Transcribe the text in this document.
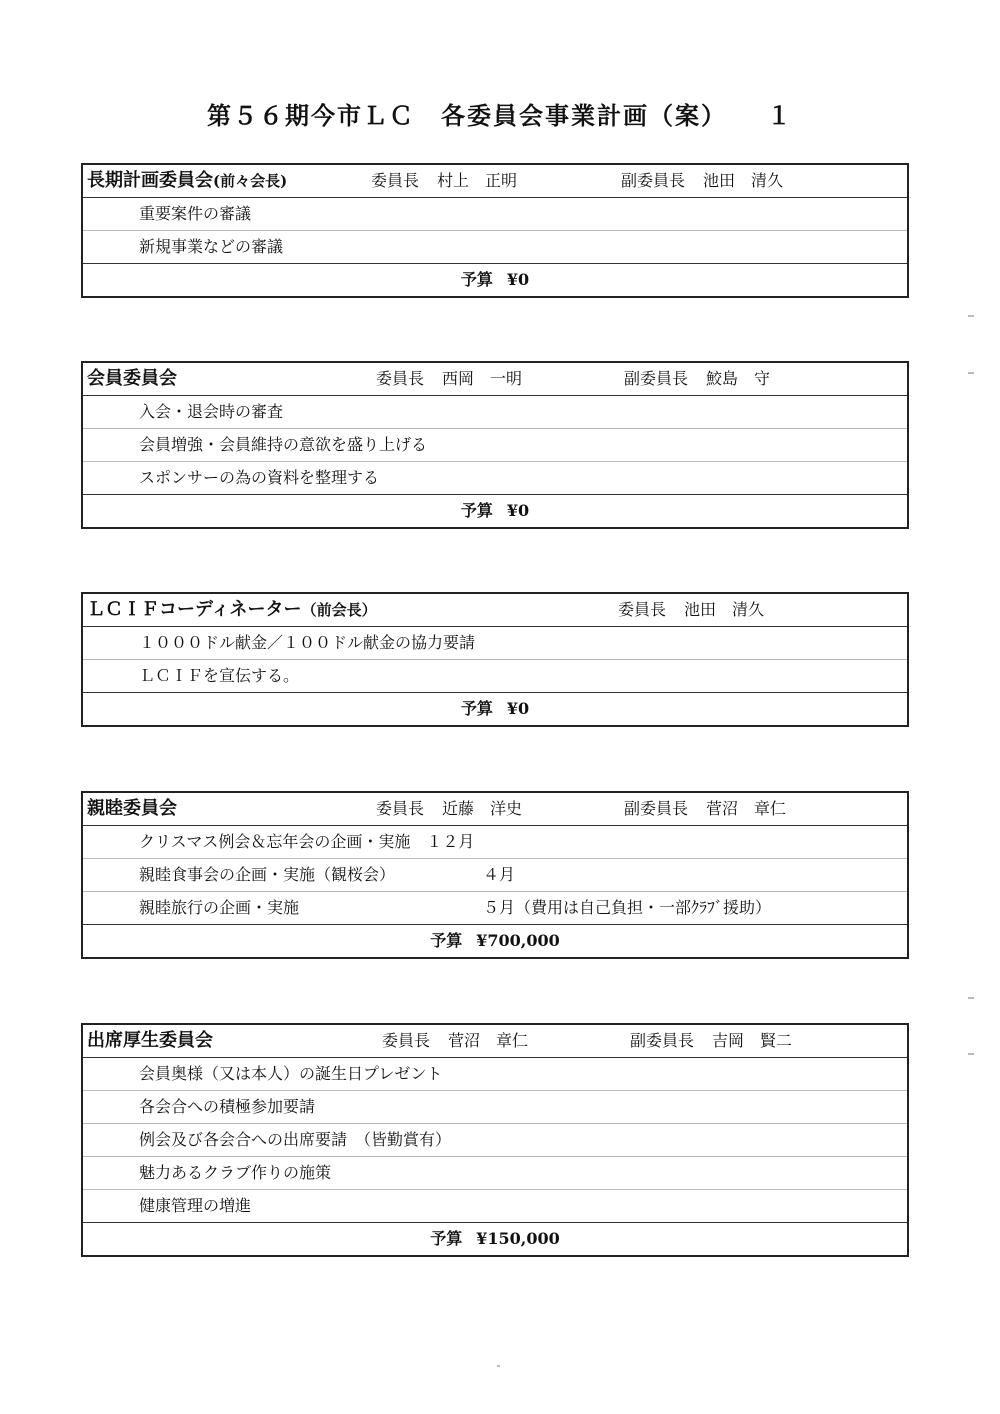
第５６期今市ＬＣ　各委員会事業計画（案） １
長期計画委員会(前々会長)	委員長 村上　正明	副委員長 池田　清久
重要案件の審議
新規事業などの審議
予算 ¥0
会員委員会	委員長 西岡　一明	副委員長 鮫島　守
入会・退会時の審査
会員増強・会員維持の意欲を盛り上げる
スポンサーの為の資料を整理する
予算 ¥0
ＬＣＩＦコーディネーター（前会長）	委員長 池田　清久
１０００ドル献金／１００ドル献金の協力要請
ＬＣＩＦを宣伝する。
予算 ¥0
親睦委員会	委員長 近藤　洋史	副委員長 菅沼　章仁
クリスマス例会＆忘年会の企画・実施　１２月
親睦食事会の企画・実施（観桜会）	４月
親睦旅行の企画・実施	５月（費用は自己負担・一部ｸﾗﾌﾞ援助）
予算 ¥700,000
出席厚生委員会	委員長 菅沼　章仁	副委員長 吉岡　賢二
会員奥様（又は本人）の誕生日プレゼント
各会合への積極参加要請
例会及び各会合への出席要請　（皆勤賞有）
魅力あるクラブ作りの施策
健康管理の増進
予算 ¥150,000
